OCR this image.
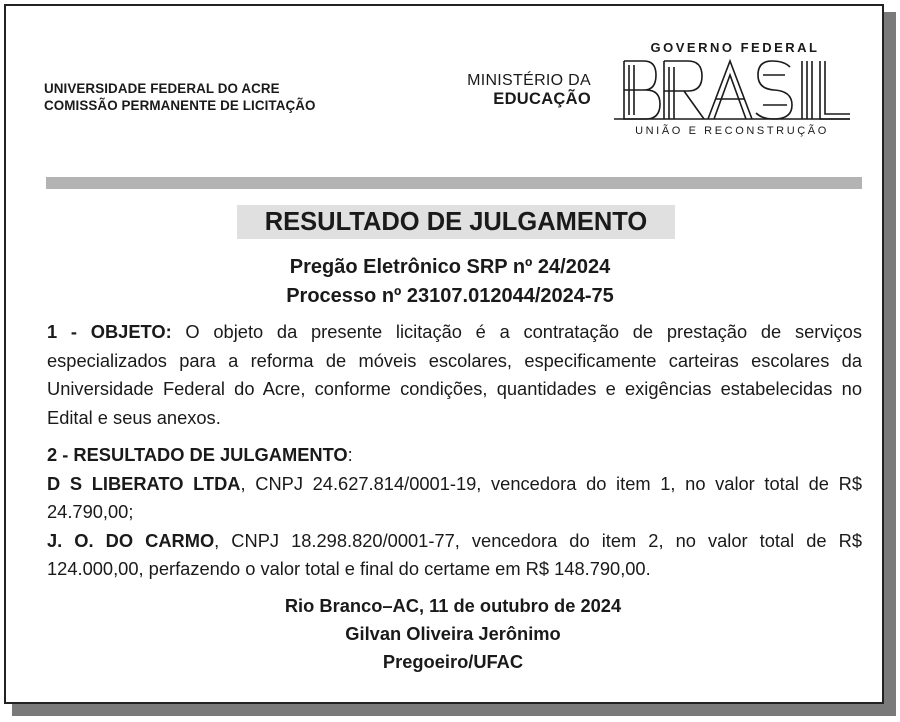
UNIVERSIDADE FEDERAL DO ACRE
COMISSÃO PERMANENTE DE LICITAÇÃO
MINISTÉRIO DA
EDUCAÇÃO
GOVERNO FEDERAL
BRASIL
UNIÃO E RECONSTRUÇÃO
RESULTADO DE JULGAMENTO
Pregão Eletrônico SRP nº 24/2024
Processo nº 23107.012044/2024-75
1 - OBJETO: O objeto da presente licitação é a contratação de prestação de serviços especializados para a reforma de móveis escolares, especificamente carteiras escolares da Universidade Federal do Acre, conforme condições, quantidades e exigências estabelecidas no Edital e seus anexos.
2 - RESULTADO DE JULGAMENTO:
D S LIBERATO LTDA, CNPJ 24.627.814/0001-19, vencedora do item 1, no valor total de R$ 24.790,00;
J. O. DO CARMO, CNPJ 18.298.820/0001-77, vencedora do item 2, no valor total de R$ 124.000,00, perfazendo o valor total e final do certame em R$ 148.790,00.
Rio Branco–AC, 11 de outubro de 2024
Gilvan Oliveira Jerônimo
Pregoeiro/UFAC
